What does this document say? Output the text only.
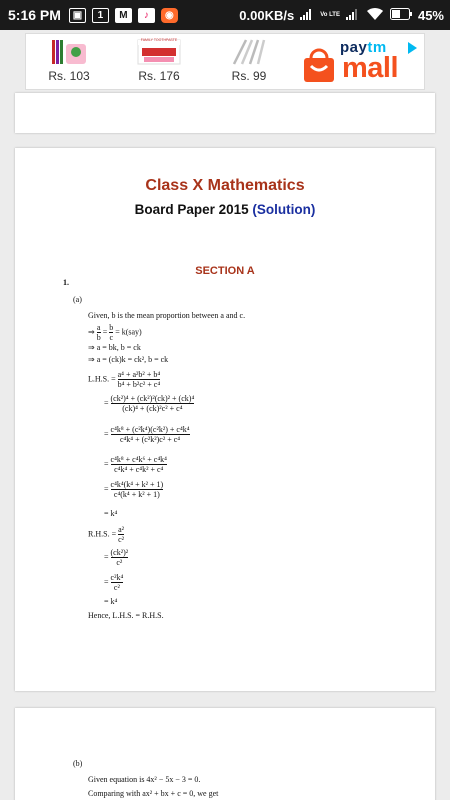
5:16 PM	▣	1	M	♪	◉	0.00KB/s	Vo LTE	45%
Rs. 103
FAMILY TOOTHPASTE
Rs. 176	Rs. 99
paytm
mall
Class X Mathematics
Board Paper 2015 (Solution)
SECTION A
1.
(a)
Given, b is the mean proportion between a and c.
⇒ $\frac{a}{b} = \frac{b}{c} = k(say)$
⇒ a = bk, b = ck
⇒ a = (ck)k = ck², b = ck
L.H.S. = $\frac{\text{a⁴ + a²b² + b⁴}}{\text{b⁴ + b²c² + c⁴}}$
= $\frac{\text{(ck²)⁴ + (ck²)²(ck)² + (ck)⁴}}{\text{(ck)⁴ + (ck)²c² + c⁴}}$
= $\frac{\text{c⁴k⁸ + (c²k⁴)(c²k²) + c⁴k⁴}}{\text{c⁴k⁴ + (c²k²)c² + c⁴}}$
= $\frac{\text{c⁴k⁸ + c⁴k⁶ + c⁴k⁴}}{\text{c⁴k⁴ + c⁴k² + c⁴}}$
= $\frac{\text{c⁴k⁴(k⁴ + k² + 1)}}{\text{c⁴(k⁴ + k² + 1)}}$
= k⁴
R.H.S. = $\frac{\text{a²}}{\text{c²}}$
= $\frac{\text{(ck²)²}}{\text{c²}}$
= $\frac{\text{c²k⁴}}{\text{c²}}$
= k⁴
Hence, L.H.S. = R.H.S.
(b)
Given equation is 4x² − 5x − 3 = 0.
Comparing with ax² + bx + c = 0, we get
